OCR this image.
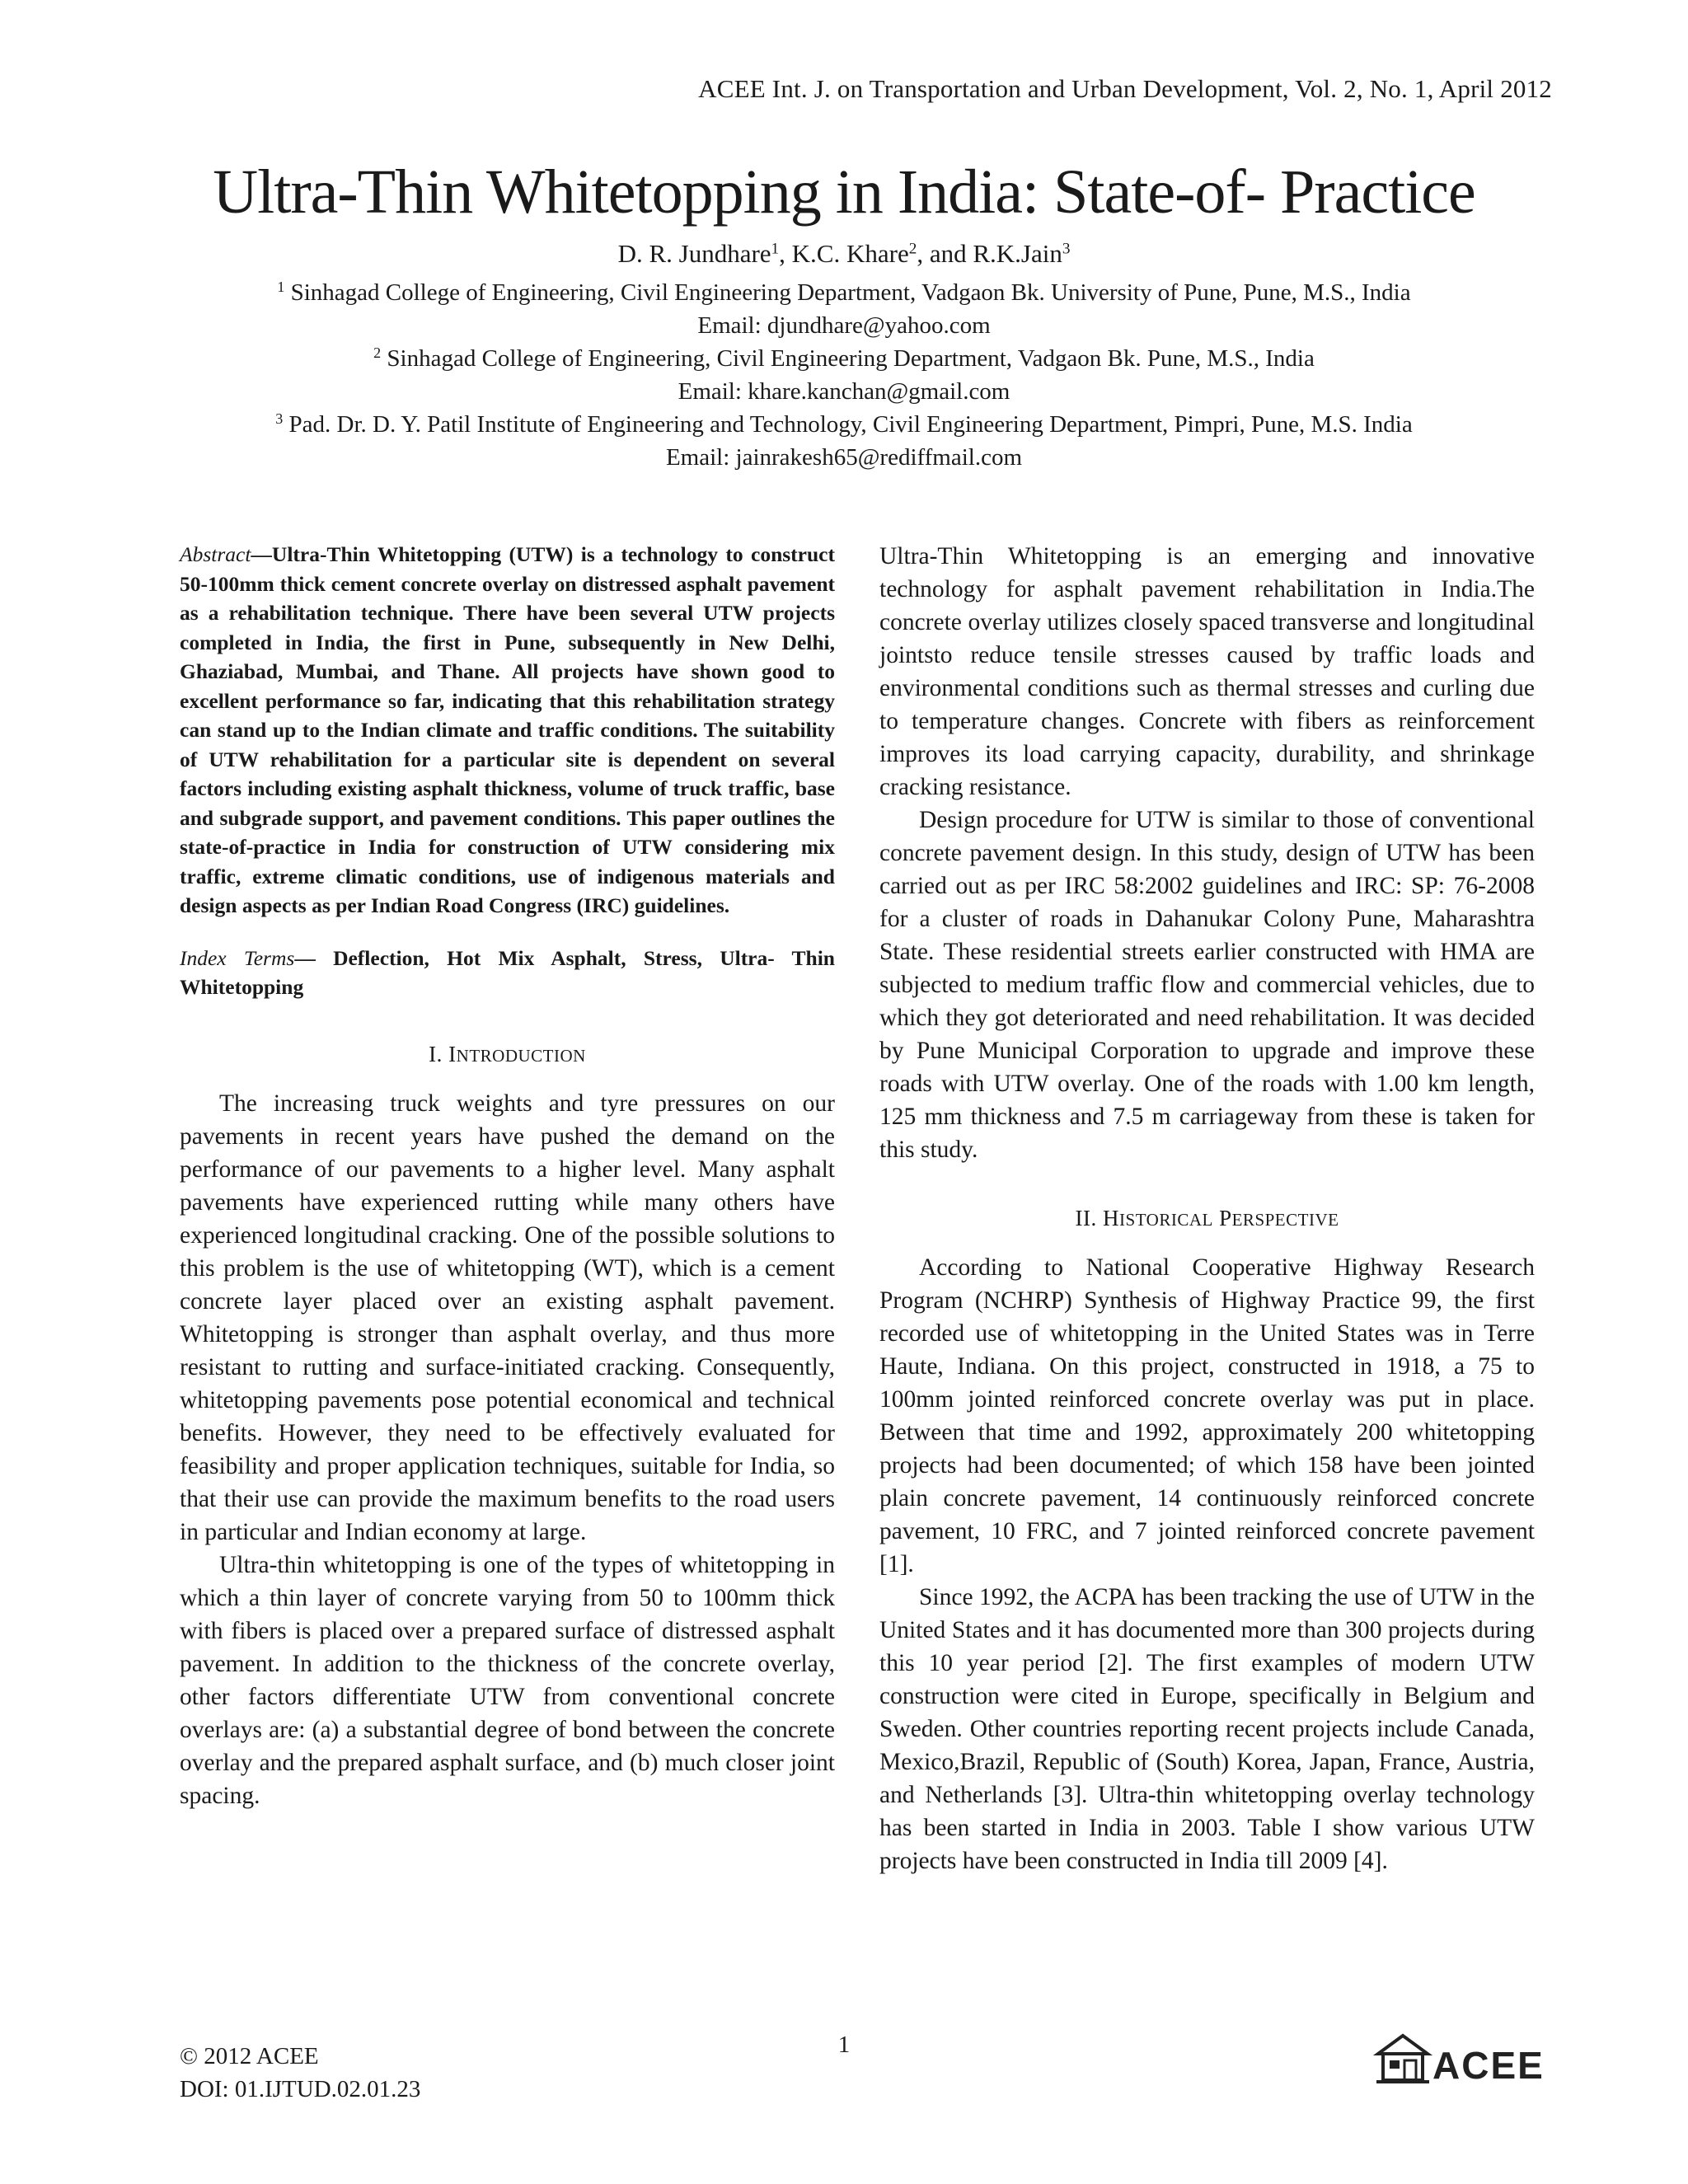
ACEE Int. J. on Transportation and Urban Development, Vol. 2, No. 1, April 2012
Ultra-Thin Whitetopping in India: State-of- Practice
D. R. Jundhare$^1$, K.C. Khare$^2$, and R.K.Jain$^3$
$^1$ Sinhagad College of Engineering, Civil Engineering Department, Vadgaon Bk. University of Pune, Pune, M.S., India
Email: djundhare@yahoo.com
$^2$ Sinhagad College of Engineering, Civil Engineering Department, Vadgaon Bk. Pune, M.S., India
Email: khare.kanchan@gmail.com
$^3$ Pad. Dr. D. Y. Patil Institute of Engineering and Technology, Civil Engineering Department, Pimpri, Pune, M.S. India
Email: jainrakesh65@rediffmail.com

Abstract—Ultra-Thin Whitetopping (UTW) is a technology to construct 50-100mm thick cement concrete overlay on distressed asphalt pavement as a rehabilitation technique. There have been several UTW projects completed in India, the first in Pune, subsequently in New Delhi, Ghaziabad, Mumbai, and Thane. All projects have shown good to excellent performance so far, indicating that this rehabilitation strategy can stand up to the Indian climate and traffic conditions. The suitability of UTW rehabilitation for a particular site is dependent on several factors including existing asphalt thickness, volume of truck traffic, base and subgrade support, and pavement conditions. This paper outlines the state-of-practice in India for construction of UTW considering mix traffic, extreme climatic conditions, use of indigenous materials and design aspects as per Indian Road Congress (IRC) guidelines.

Index Terms— Deflection, Hot Mix Asphalt, Stress, Ultra- Thin Whitetopping

I. INTRODUCTION

The increasing truck weights and tyre pressures on our pavements in recent years have pushed the demand on the performance of our pavements to a higher level. Many asphalt pavements have experienced rutting while many others have experienced longitudinal cracking. One of the possible solutions to this problem is the use of whitetopping (WT), which is a cement concrete layer placed over an existing asphalt pavement. Whitetopping is stronger than asphalt overlay, and thus more resistant to rutting and surface-initiated cracking. Consequently, whitetopping pavements pose potential economical and technical benefits. However, they need to be effectively evaluated for feasibility and proper application techniques, suitable for India, so that their use can provide the maximum benefits to the road users in particular and Indian economy at large.

Ultra-thin whitetopping is one of the types of whitetopping in which a thin layer of concrete varying from 50 to 100mm thick with fibers is placed over a prepared surface of distressed asphalt pavement. In addition to the thickness of the concrete overlay, other factors differentiate UTW from conventional concrete overlays are: (a) a substantial degree of bond between the concrete overlay and the prepared asphalt surface, and (b) much closer joint spacing.

Ultra-Thin Whitetopping is an emerging and innovative technology for asphalt pavement rehabilitation in India.The concrete overlay utilizes closely spaced transverse and longitudinal jointsto reduce tensile stresses caused by traffic loads and environmental conditions such as thermal stresses and curling due to temperature changes. Concrete with fibers as reinforcement improves its load carrying capacity, durability, and shrinkage cracking resistance.

Design procedure for UTW is similar to those of conventional concrete pavement design. In this study, design of UTW has been carried out as per IRC 58:2002 guidelines and IRC: SP: 76-2008 for a cluster of roads in Dahanukar Colony Pune, Maharashtra State. These residential streets earlier constructed with HMA are subjected to medium traffic flow and commercial vehicles, due to which they got deteriorated and need rehabilitation. It was decided by Pune Municipal Corporation to upgrade and improve these roads with UTW overlay. One of the roads with 1.00 km length, 125 mm thickness and 7.5 m carriageway from these is taken for this study.

II. HISTORICAL PERSPECTIVE

According to National Cooperative Highway Research Program (NCHRP) Synthesis of Highway Practice 99, the first recorded use of whitetopping in the United States was in Terre Haute, Indiana. On this project, constructed in 1918, a 75 to 100mm jointed reinforced concrete overlay was put in place. Between that time and 1992, approximately 200 whitetopping projects had been documented; of which 158 have been jointed plain concrete pavement, 14 continuously reinforced concrete pavement, 10 FRC, and 7 jointed reinforced concrete pavement [1].

Since 1992, the ACPA has been tracking the use of UTW in the United States and it has documented more than 300 projects during this 10 year period [2]. The first examples of modern UTW construction were cited in Europe, specifically in Belgium and Sweden. Other countries reporting recent projects include Canada, Mexico,Brazil, Republic of (South) Korea, Japan, France, Austria, and Netherlands [3]. Ultra-thin whitetopping overlay technology has been started in India in 2003. Table I show various UTW projects have been constructed in India till 2009 [4].

© 2012 ACEE
DOI: 01.IJTUD.02.01.23
1	ACEE
